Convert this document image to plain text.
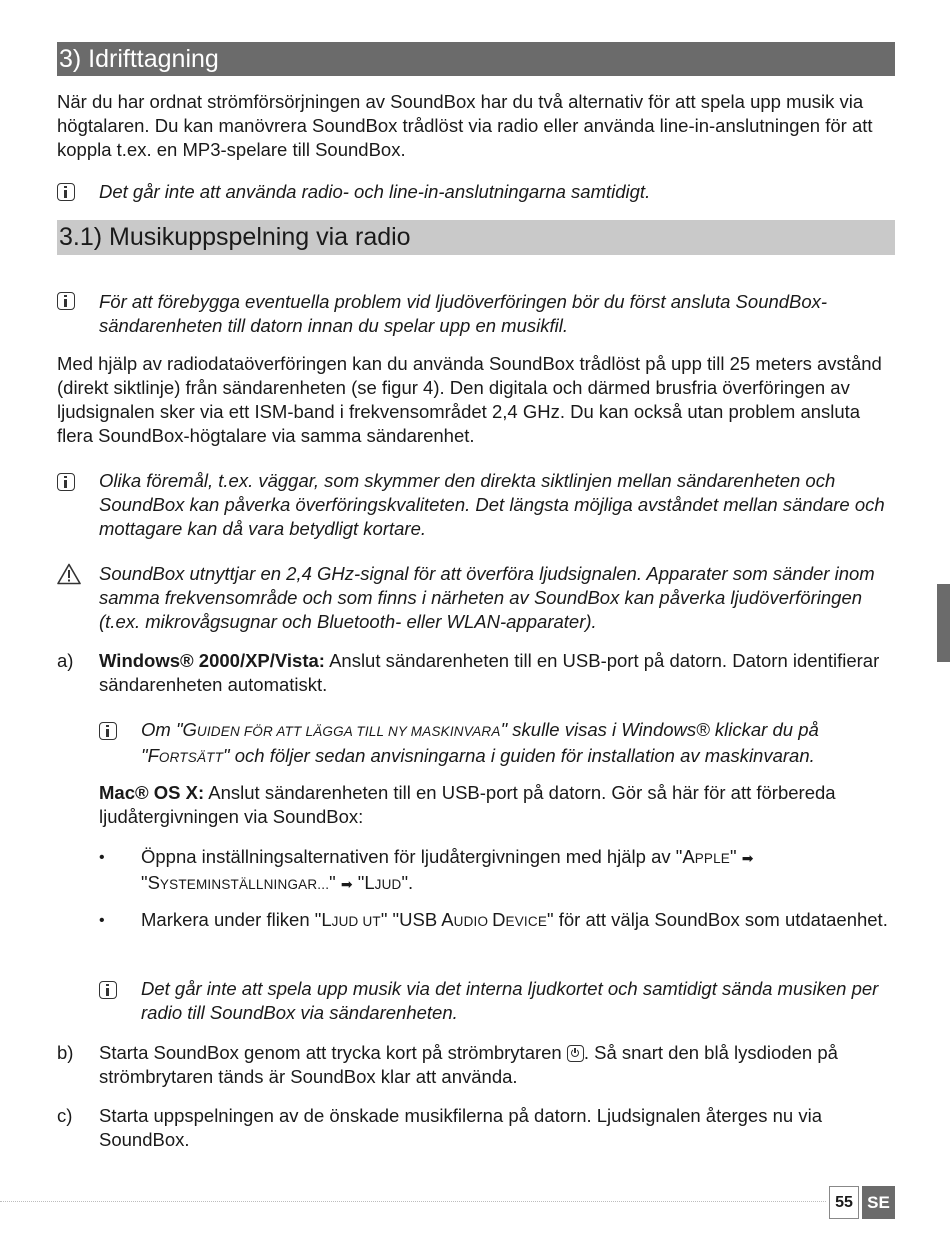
3) Idrifttagning
När du har ordnat strömförsörjningen av SoundBox har du två alternativ för att spela upp musik via högtalaren. Du kan manövrera SoundBox trådlöst via radio eller använda line-in-anslutningen för att koppla t.ex. en MP3-spelare till SoundBox.
Det går inte att använda radio- och line-in-anslutningarna samtidigt.
3.1) Musikuppspelning via radio
För att förebygga eventuella problem vid ljudöverföringen bör du först ansluta SoundBox-sändarenheten till datorn innan du spelar upp en musikfil.
Med hjälp av radiodataöverföringen kan du använda SoundBox trådlöst på upp till 25 meters avstånd (direkt siktlinje) från sändarenheten (se figur 4). Den digitala och därmed brusfria överföringen av ljudsignalen sker via ett ISM-band i frekvensområdet 2,4 GHz. Du kan också utan problem ansluta flera SoundBox-högtalare via samma sändarenhet.
Olika föremål, t.ex. väggar, som skymmer den direkta siktlinjen mellan sändarenheten och SoundBox kan påverka överföringskvaliteten. Det längsta möjliga avståndet mellan sändare och mottagare kan då vara betydligt kortare.
SoundBox utnyttjar en 2,4 GHz-signal för att överföra ljudsignalen. Apparater som sänder inom samma frekvensområde och som finns i närheten av SoundBox kan påverka ljudöverföringen (t.ex. mikrovågsugnar och Bluetooth- eller WLAN-apparater).
a) Windows® 2000/XP/Vista: Anslut sändarenheten till en USB-port på datorn. Datorn identifierar sändarenheten automatiskt.
Om "GUIDEN FÖR ATT LÄGGA TILL NY MASKINVARA" skulle visas i Windows® klickar du på "FORTSÄTT" och följer sedan anvisningarna i guiden för installation av maskinvaran.
Mac® OS X: Anslut sändarenheten till en USB-port på datorn. Gör så här för att förbereda ljudåtergivningen via SoundBox:
• Öppna inställningsalternativen för ljudåtergivningen med hjälp av "APPLE" ➡
"SYSTEMINSTÄLLNINGAR..." ➡ "LJUD".
• Markera under fliken "LJUD UT" "USB AUDIO DEVICE" för att välja SoundBox som utdataenhet.
Det går inte att spela upp musik via det interna ljudkortet och samtidigt sända musiken per radio till SoundBox via sändarenheten.
b) Starta SoundBox genom att trycka kort på strömbrytaren . Så snart den blå lysdioden på strömbrytaren tänds är SoundBox klar att använda.
c) Starta uppspelningen av de önskade musikfilerna på datorn. Ljudsignalen återges nu via SoundBox.
55 SE
